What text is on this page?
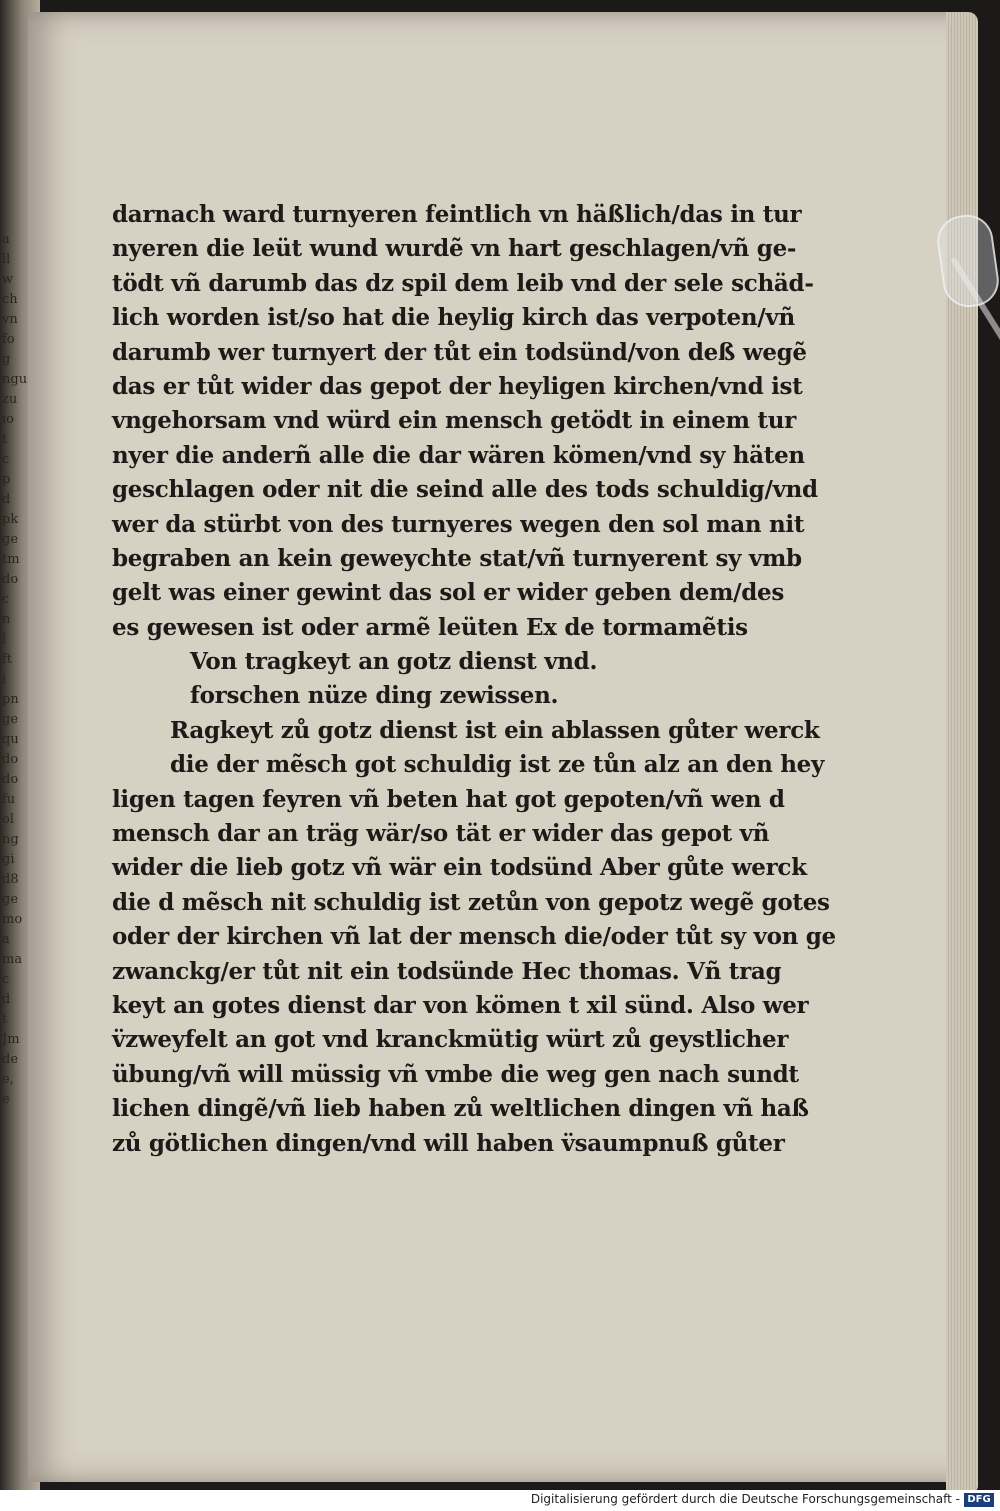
a
ll
w
ch
vn
fo
g
ngu
zu
io
t
c
p
d
pk
ge
tm
do
c
n
l
ft
i
pn
ge
qu
do
do
fu
ol
ng
gi
d8
ge
mo
a
ma
c
d
t
Jm
de
e,
e
darnach ward turnyeren feintlich vn häßlich/das in tur
nyeren die leüt wund wurdẽ vn hart geschlagen/vñ ge-
tödt vñ darumb das dz spil dem leib vnd der sele schäd-
lich worden ist/so hat die heylig kirch das verpoten/vñ
darumb wer turnyert der tůt ein todsünd/von deß wegẽ
das er tůt wider das gepot der heyligen kirchen/vnd ist
vngehorsam vnd würd ein mensch getödt in einem tur
nyer die anderñ alle die dar wären kömen/vnd sy häten
geschlagen oder nit die seind alle des tods schuldig/vnd
wer da stürbt von des turnyeres wegen den sol man nit
begraben an kein geweychte stat/vñ turnyerent sy vmb
gelt was einer gewint das sol er wider geben dem/des
es gewesen ist oder armẽ leüten Ex de tormamẽtis
Von tragkeyt an gotz dienst vnd.
forschen nüze ding zewissen.
Ragkeyt zů gotz dienst ist ein ablassen gůter werck
die der mẽsch got schuldig ist ze tůn alz an den hey
ligen tagen feyren vñ beten hat got gepoten/vñ wen d
mensch dar an träg wär/so tät er wider das gepot vñ
wider die lieb gotz vñ wär ein todsünd Aber gůte werck
die d mẽsch nit schuldig ist zetůn von gepotz wegẽ gotes
oder der kirchen vñ lat der mensch die/oder tůt sy von ge
zwanckg/er tůt nit ein todsünde Hec thomas. Vñ trag
keyt an gotes dienst dar von kömen t xil sünd. Also wer
v̈zweyfelt an got vnd kranckmütig würt zů geystlicher
übung/vñ will müssig vñ vmbe die weg gen nach sundt
lichen dingẽ/vñ lieb haben zů weltlichen dingen vñ haß
zů götlichen dingen/vnd will haben v̈saumpnuß gůter
Digitalisierung gefördert durch die Deutsche Forschungsgemeinschaft - DFG
